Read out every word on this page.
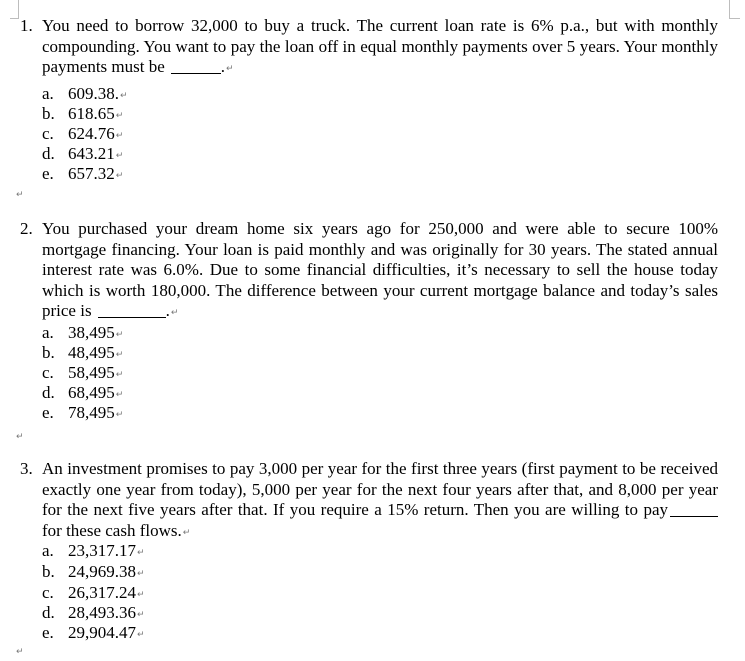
1. You need to borrow 32,000 to buy a truck. The current loan rate is 6% p.a., but with monthly compounding. You want to pay the loan off in equal monthly payments over 5 years. Your monthly payments must be	.↵
a. 609.38.↵
b. 618.65↵
c. 624.76↵
d. 643.21↵
e. 657.32↵
↵
2. You purchased your dream home six years ago for 250,000 and were able to secure 100% mortgage financing. Your loan is paid monthly and was originally for 30 years. The stated annual interest rate was 6.0%. Due to some financial difficulties, it’s necessary to sell the house today which is worth 180,000. The difference between your current mortgage balance and today’s sales price is	.↵
a. 38,495↵
b. 48,495↵
c. 58,495↵
d. 68,495↵
e. 78,495↵
↵
3. An investment promises to pay 3,000 per year for the first three years (first payment to be received exactly one year from today), 5,000 per year for the next four years after that, and 8,000 per year for the next five years after that. If you require a 15% return. Then you are willing to pay for these cash flows.↵
a. 23,317.17↵
b. 24,969.38↵
c. 26,317.24↵
d. 28,493.36↵
e. 29,904.47↵
↵
